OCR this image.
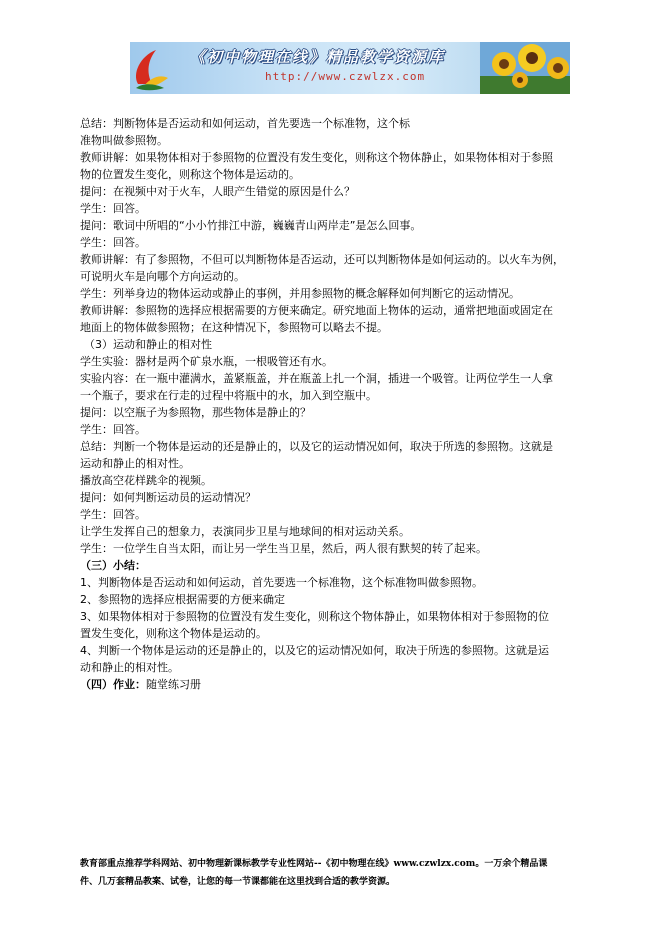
《初中物理在线》精品教学资源库
http://www.czwlzx.com

总结：判断物体是否运动和如何运动，首先要选一个标准物，这个标

准物叫做参照物。

教师讲解：如果物体相对于参照物的位置没有发生变化，则称这个物体静止，如果物体相对于参照

物的位置发生变化，则称这个物体是运动的。

提问：在视频中对于火车，人眼产生错觉的原因是什么？

学生：回答。

提问：歌词中所唱的“小小竹排江中游，巍巍青山两岸走”是怎么回事。

学生：回答。

教师讲解：有了参照物，不但可以判断物体是否运动，还可以判断物体是如何运动的。以火车为例，

可说明火车是向哪个方向运动的。

学生：列举身边的物体运动或静止的事例，并用参照物的概念解释如何判断它的运动情况。

教师讲解：参照物的选择应根据需要的方便来确定。研究地面上物体的运动，通常把地面或固定在

地面上的物体做参照物；在这种情况下，参照物可以略去不提。

（3）运动和静止的相对性

学生实验：器材是两个矿泉水瓶，一根吸管还有水。

实验内容：在一瓶中灌满水，盖紧瓶盖，并在瓶盖上扎一个洞，插进一个吸管。让两位学生一人拿

一个瓶子，要求在行走的过程中将瓶中的水，加入到空瓶中。

提问：以空瓶子为参照物，那些物体是静止的？

学生：回答。

总结：判断一个物体是运动的还是静止的，以及它的运动情况如何，取决于所选的参照物。这就是

运动和静止的相对性。

播放高空花样跳伞的视频。

提问：如何判断运动员的运动情况？

学生：回答。

让学生发挥自己的想象力，表演同步卫星与地球间的相对运动关系。

学生：一位学生自当太阳，而让另一学生当卫星，然后，两人很有默契的转了起来。

（三）小结：

1、判断物体是否运动和如何运动，首先要选一个标准物，这个标准物叫做参照物。

2、参照物的选择应根据需要的方便来确定

3、如果物体相对于参照物的位置没有发生变化，则称这个物体静止，如果物体相对于参照物的位

置发生变化，则称这个物体是运动的。

4、判断一个物体是运动的还是静止的，以及它的运动情况如何，取决于所选的参照物。这就是运

动和静止的相对性。

（四）作业：随堂练习册

教育部重点推荐学科网站、初中物理新课标教学专业性网站--《初中物理在线》www.czwlzx.com。一万余个精品课

件、几万套精品教案、试卷，让您的每一节课都能在这里找到合适的教学资源。
